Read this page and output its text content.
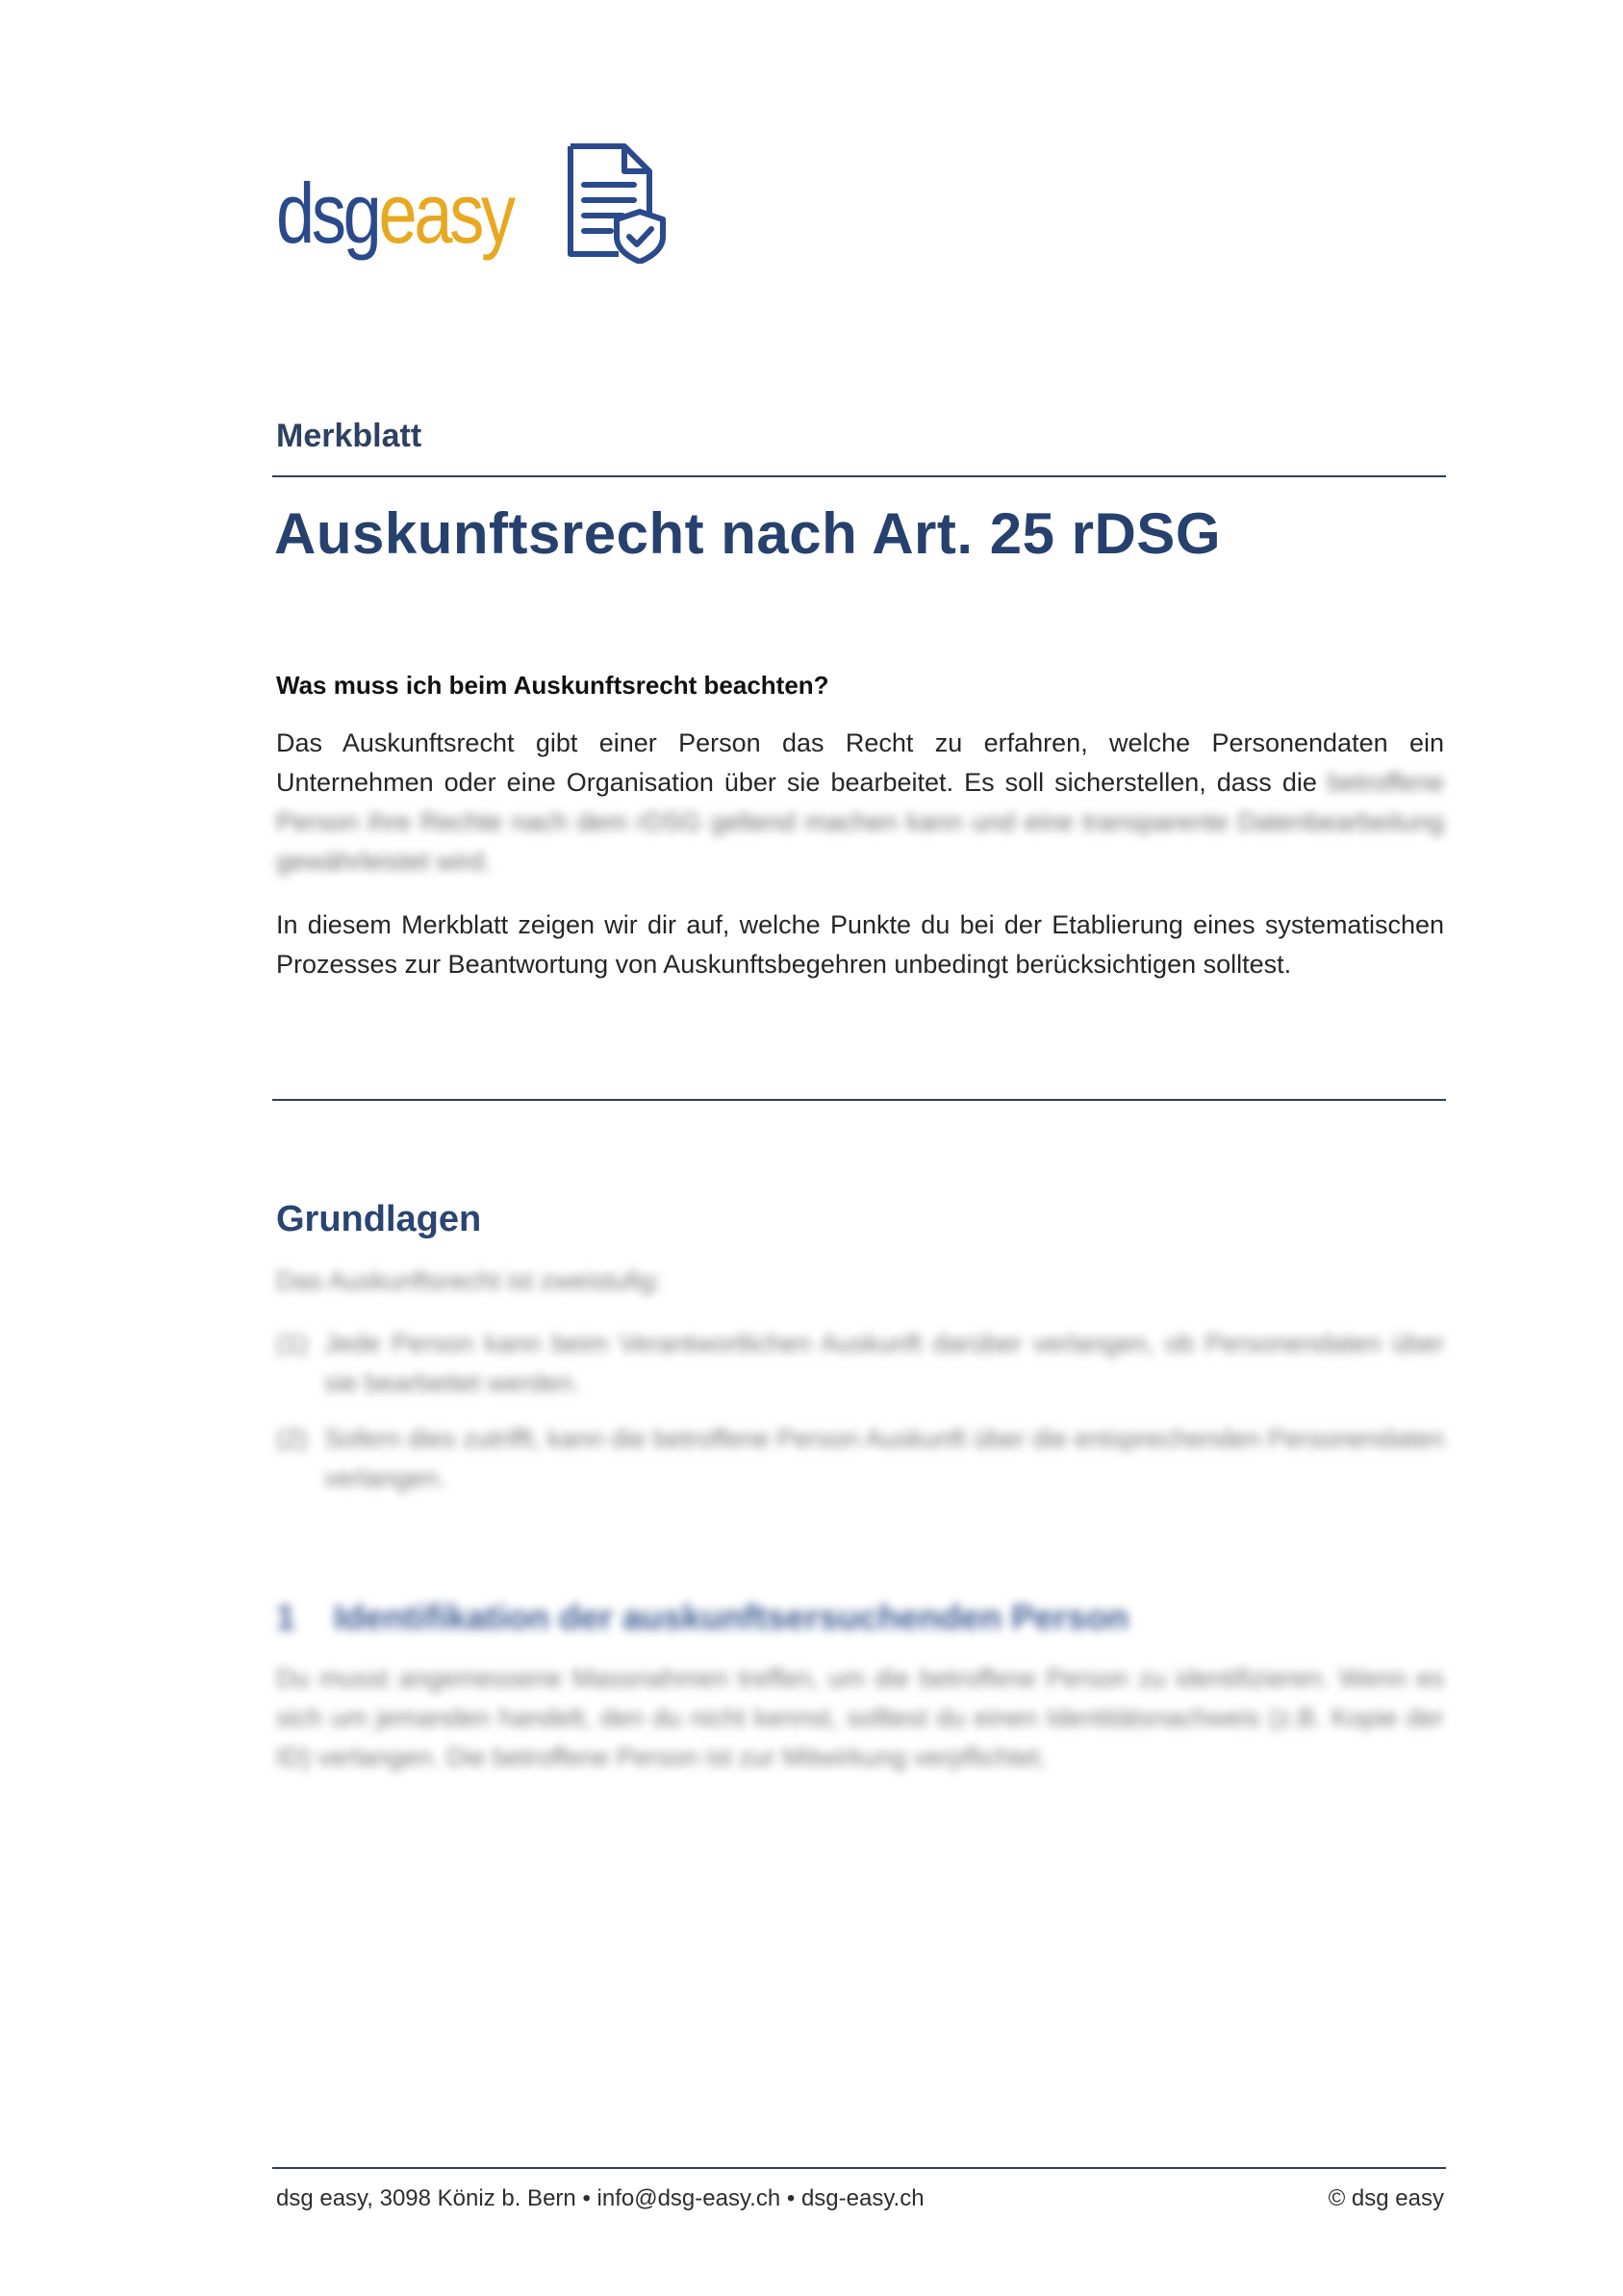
dsgeasy
Merkblatt
Auskunftsrecht nach Art. 25 rDSG
Was muss ich beim Auskunftsrecht beachten?
Das Auskunftsrecht gibt einer Person das Recht zu erfahren, welche Personendaten ein Unternehmen oder eine Organisation über sie bearbeitet. Es soll sicherstellen, dass die betroffene Person ihre Rechte nach dem rDSG geltend machen kann und eine transparente Datenbearbeitung gewährleistet wird.
In diesem Merkblatt zeigen wir dir auf, welche Punkte du bei der Etablierung eines systematischen Prozesses zur Beantwortung von Auskunftsbegehren unbedingt berücksichtigen solltest.
Grundlagen
Das Auskunftsrecht ist zweistufig:
(1) Jede Person kann beim Verantwortlichen Auskunft darüber verlangen, ob Personendaten über sie bearbeitet werden.
(2) Sofern dies zutrifft, kann die betroffene Person Auskunft über die entsprechenden Personendaten verlangen.
1	Identifikation der auskunftsersuchenden Person
Du musst angemessene Massnahmen treffen, um die betroffene Person zu identifizieren. Wenn es sich um jemanden handelt, den du nicht kennst, solltest du einen Identitätsnachweis (z.B. Kopie der ID) verlangen. Die betroffene Person ist zur Mitwirkung verpflichtet.
dsg easy, 3098 Köniz b. Bern • info@dsg-easy.ch • dsg-easy.ch	© dsg easy
